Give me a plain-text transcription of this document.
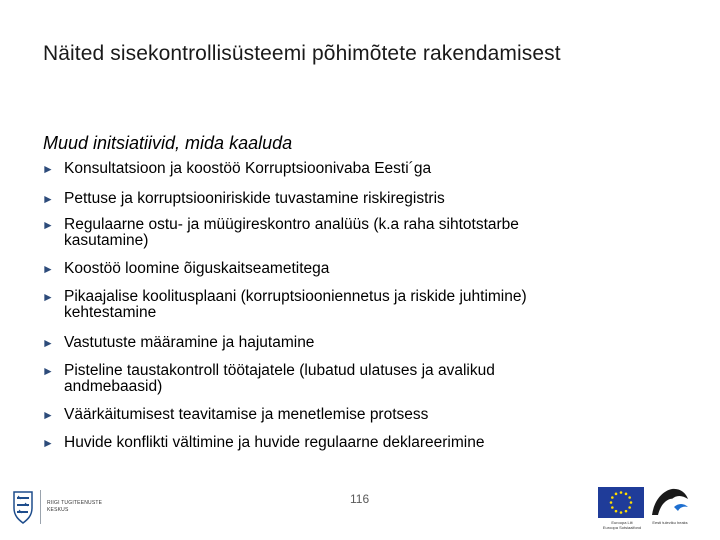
Näited sisekontrollisüsteemi põhimõtete rakendamisest
Muud initsiatiivid, mida kaaluda
► Konsultatsioon ja koostöö Korruptsioonivaba Eesti´ga
► Pettuse ja korruptsiooniriskide tuvastamine riskiregistris
► Regulaarne ostu- ja müügireskontro analüüs (k.a raha sihtotstarbe
kasutamine)
► Koostöö loomine õiguskaitseametitega
► Pikaajalise koolitusplaani (korruptsiooniennetus ja riskide juhtimine)
kehtestamine
► Vastutuste määramine ja hajutamine
► Pisteline taustakontroll töötajatele (lubatud ulatuses ja avalikud
andmebaasid)
► Väärkäitumisest teavitamise ja menetlemise protsess
► Huvide konflikti vältimine ja huvide regulaarne deklareerimine
116
RIIGI TUGITEENUSTE
KESKUS
Euroopa Liit
Euroopa Sotsiaalfond
Eesti tuleviku heaks
